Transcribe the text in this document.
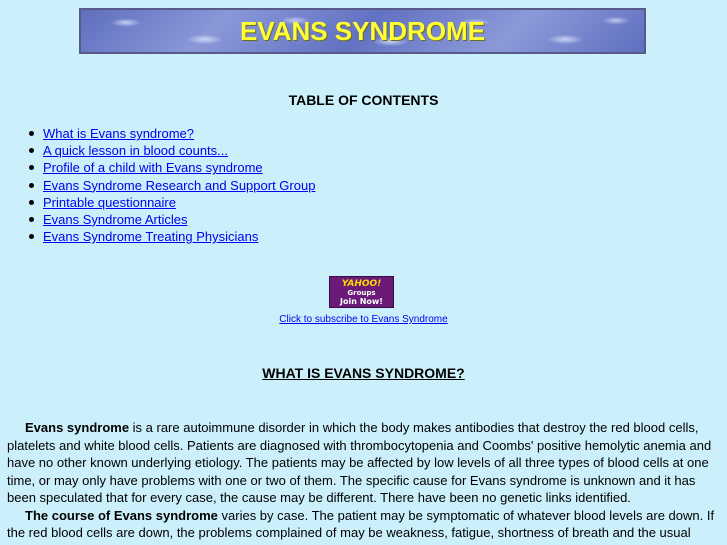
EVANS SYNDROME
TABLE OF CONTENTS
What is Evans syndrome?
A quick lesson in blood counts...
Profile of a child with Evans syndrome
Evans Syndrome Research and Support Group
Printable questionnaire
Evans Syndrome Articles
Evans Syndrome Treating Physicians
YAHOO!
Groups
Join Now!
Click to subscribe to Evans Syndrome
WHAT IS EVANS SYNDROME?

Evans syndrome is a rare autoimmune disorder in which the body makes antibodies that destroy the red blood cells, platelets and white blood cells. Patients are diagnosed with thrombocytopenia and Coombs' positive hemolytic anemia and have no other known underlying etiology. The patients may be affected by low levels of all three types of blood cells at one time, or may only have problems with one or two of them. The specific cause for Evans syndrome is unknown and it has been speculated that for every case, the cause may be different. There have been no genetic links identified.

The course of Evans syndrome varies by case. The patient may be symptomatic of whatever blood levels are down. If the red blood cells are down, the problems complained of may be weakness, fatigue, shortness of breath and the usual
